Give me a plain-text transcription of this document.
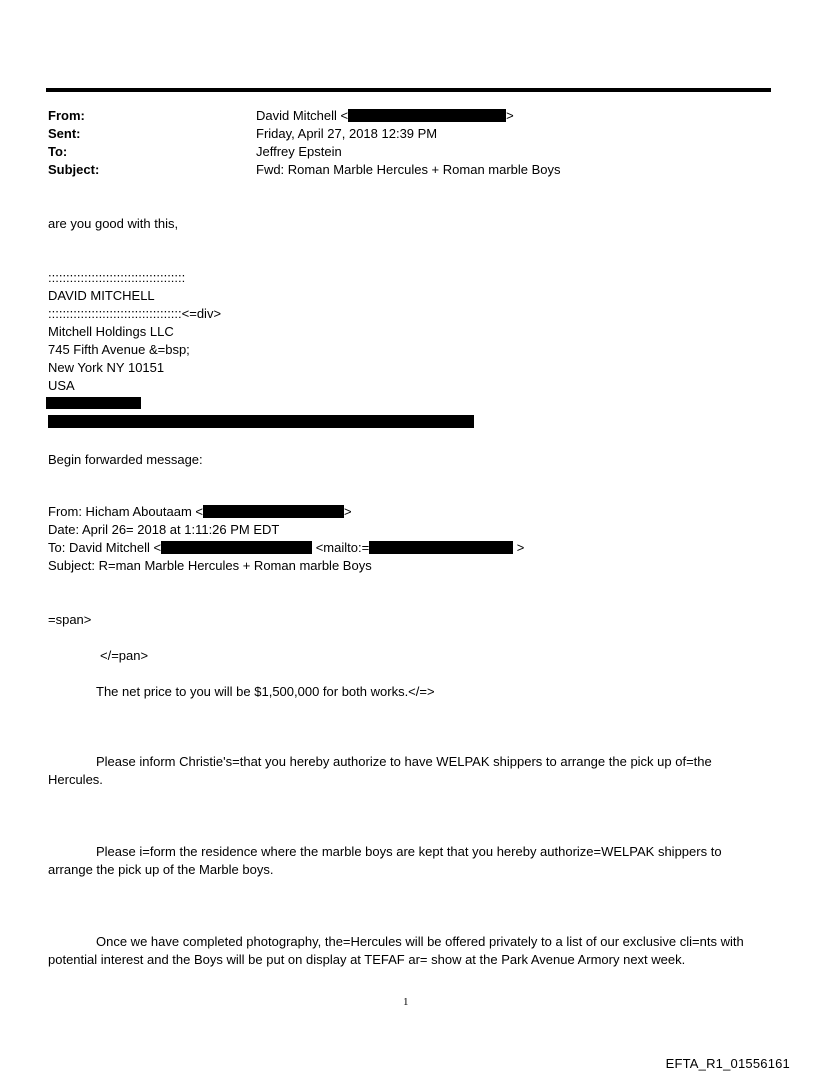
From:	David Mitchell <	>
Sent:	Friday, April 27, 2018 12:39 PM
To:	Jeffrey Epstein
Subject:	Fwd: Roman Marble Hercules + Roman marble Boys
are you good with this,
::::::::::::::::::::::::::::::::::::::
DAVID MITCHELL
:::::::::::::::::::::::::::::::::::::<=div>
Mitchell Holdings LLC
745 Fifth Avenue &=bsp;
New York NY 10151
USA
Begin forwarded message:
From: Hicham Aboutaam <	>
Date: April 26= 2018 at 1:11:26 PM EDT
To: David Mitchell <	<mailto:=	>
Subject: R=man Marble Hercules + Roman marble Boys
=span>
</=pan>
The net price to you will be $1,500,000 for both works.</=>
Please inform Christie's=that you hereby authorize to have WELPAK shippers to arrange the pick up of=the Hercules.
Please i=form the residence where the marble boys are kept that you hereby authorize=WELPAK shippers to arrange the pick up of the Marble boys.
Once we have completed photography, the=Hercules will be offered privately to a list of our exclusive cli=nts with potential interest and the Boys will be put on display at TEFAF ar= show at the Park Avenue Armory next week.
1
EFTA_R1_01556161
